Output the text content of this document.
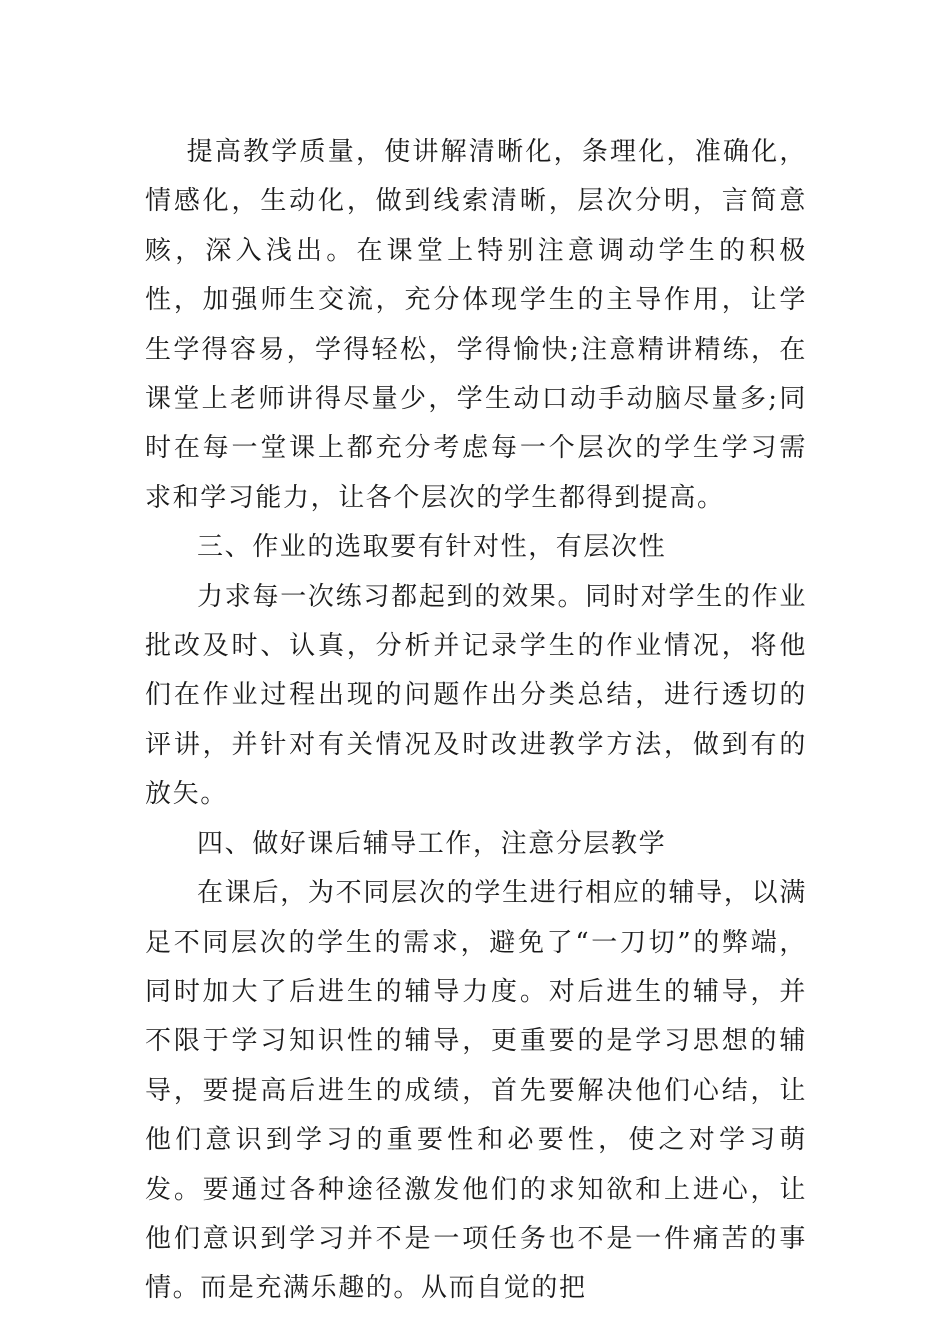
提高教学质量，使讲解清晰化，条理化，准确化，情感化，生动化，做到线索清晰，层次分明，言简意赅，深入浅出。在课堂上特别注意调动学生的积极性，加强师生交流，充分体现学生的主导作用，让学生学得容易，学得轻松，学得愉快;注意精讲精练，在课堂上老师讲得尽量少，学生动口动手动脑尽量多;同时在每一堂课上都充分考虑每一个层次的学生学习需求和学习能力，让各个层次的学生都得到提高。

三、作业的选取要有针对性，有层次性

力求每一次练习都起到的效果。同时对学生的作业批改及时、认真，分析并记录学生的作业情况，将他们在作业过程出现的问题作出分类总结，进行透切的评讲，并针对有关情况及时改进教学方法，做到有的放矢。

四、做好课后辅导工作，注意分层教学

在课后，为不同层次的学生进行相应的辅导，以满足不同层次的学生的需求，避免了“一刀切”的弊端，同时加大了后进生的辅导力度。对后进生的辅导，并不限于学习知识性的辅导，更重要的是学习思想的辅导，要提高后进生的成绩，首先要解决他们心结，让他们意识到学习的重要性和必要性，使之对学习萌发。要通过各种途径激发他们的求知欲和上进心，让他们意识到学习并不是一项任务也不是一件痛苦的事情。而是充满乐趣的。从而自觉的把
